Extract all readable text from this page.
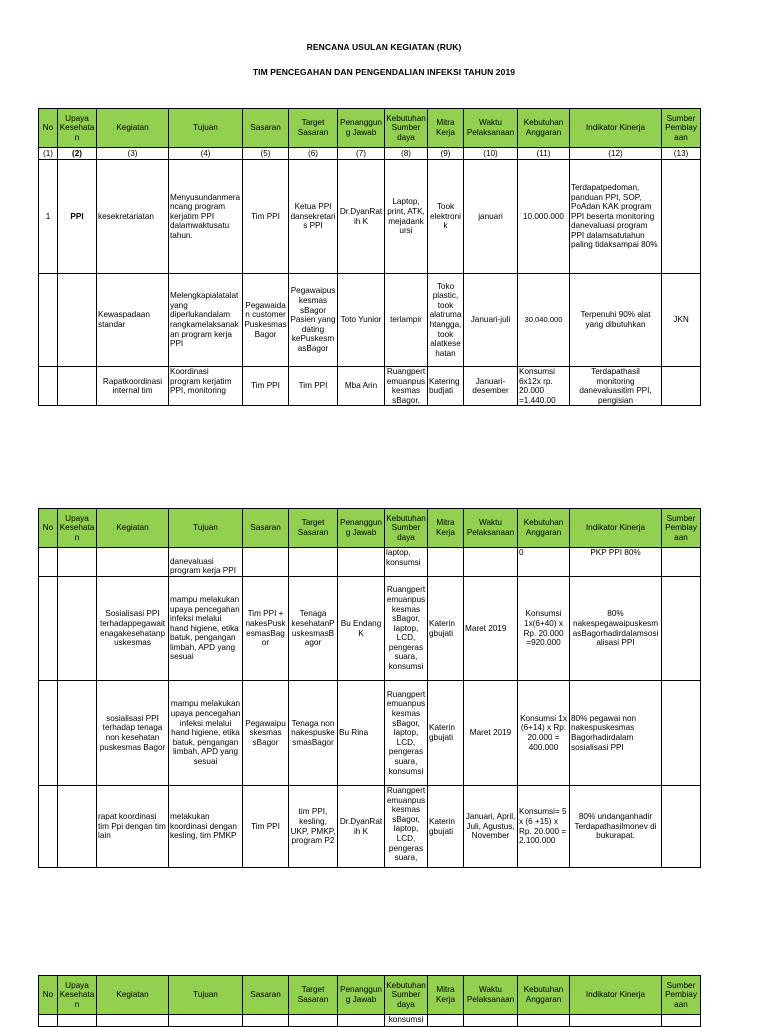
RENCANA USULAN KEGIATAN (RUK)
TIM PENCEGAHAN DAN PENGENDALIAN INFEKSI TAHUN 2019
No	Upaya Kesehatan	Kegiatan	Tujuan	Sasaran	Target Sasaran	Penanggung Jawab	Kebutuhan Sumber daya	Mitra Kerja	Waktu Pelaksanaan	Kebutuhan Anggaran	Indikator Kinerja	Sumber Pembiayaan
(1)	(2)	(3)	(4)	(5)	(6)	(7)	(8)	(9)	(10)	(11)	(12)	(13)
1	PPI	kesekretariatan	Menyusundanmerancang program kerjatim PPI dalamwaktusatu tahun.	Tim PPI	Ketua PPI dansekretaris PPI	Dr.DyanRatih K	Laptop, print, ATK, mejadankursi	Took elektronik	januari	10.000.000	Terdapatpedoman, panduan PPI, SOP, PoAdan KAK program PPI beserta monitoring danevaluasi program PPI dalamsatutahun paling tidaksampai 80%	
		Kewaspadaan standar	Melengkapialatalat yang diperlukandalam rangkamelaksanakan program kerja PPI	Pegawaidan customer PuskesmasBagor	Pegawaipuskesmas sBagor Pasien yang dating kePuskesmasBagor	Toto Yunior	terlampir	Toko plastic, took alatrumahtangga, took alatkesehatan	Januari-juli	30.040.000	Terpenuhi 90% alat yang dibutuhkan	JKN
		Rapatkoordinasi internal tim	Koordinasi program kerjatim PPI, monitoring	Tim PPI	Tim PPI	Mba Arin	Ruangpertemuanpuskesmas sBagor,	Katering budjati	Januari-desember	Konsumsi 6x12x rp. 20.000 =1.440.00	Terdapathasil monitoring danevaluasitim PPI, pengisian	
No	Upaya Kesehatan	Kegiatan	Tujuan	Sasaran	Target Sasaran	Penanggung Jawab	Kebutuhan Sumber daya	Mitra Kerja	Waktu Pelaksanaan	Kebutuhan Anggaran	Indikator Kinerja	Sumber Pembiayaan
			danevaluasi program kerja PPI				laptop, konsumsi			0	PKP PPI 80%	
		Sosialisasi PPI terhadappegawaitenagakesehatanpuskesmas	mampu melakukan upaya pencegahan infeksi melalui hand higiene, etika batuk, pengangan limbah, APD yang sesuai	Tim PPI + nakesPuskesmasBagor	Tenaga kesehatanPuskesmasBagor	Bu Endang K	Ruangpertemuanpuskesmas sBagor, laptop, LCD, pengeras suara, konsumsi	Katerin gbujati	Maret 2019	Konsumsi 1x(6+40) x Rp. 20.000 =920.000	80% nakespegawaipuskesmasBagorhadirdalamsosialisasi PPI	
		sosialisasi PPI terhadap tenaga non kesehatan puskesmas Bagor	mampu melakukan upaya pencegahan infeksi melalui hand higiene, etika batuk, pengangan limbah, APD yang sesuai	Pegawaipuskesmas sBagor	Tenaga non nakespuskesmasBagor	Bu Rina	Ruangpertemuanpuskesmas sBagor, laptop, LCD, pengeras suara, konsumsi	Katerin gbujati	Maret 2019	Konsumsi 1x (6+14) x Rp. 20.000 = 400.000	80% pegawai non nakespuskesmas Bagorhadirdalam sosialisasi PPI	
		rapat koordinasi tim Ppi dengan tim lain	melakukan koordinasi dengan kesling, tim PMKP	Tim PPI	tim PPI, kesling, UKP, PMKP, program P2	Dr.DyanRatih K	Ruangpertemuanpuskesmas sBagor, laptop, LCD, pengeras suara,	Katerin gbujati	Januari, April, Juli, Agustus, November	Konsumsi= 5 x (6 +15) x Rp. 20.000 = 2.100.000	80% undanganhadir Terdapathasilmonev di bukurapat.	
No	Upaya Kesehatan	Kegiatan	Tujuan	Sasaran	Target Sasaran	Penanggung Jawab	Kebutuhan Sumber daya	Mitra Kerja	Waktu Pelaksanaan	Kebutuhan Anggaran	Indikator Kinerja	Sumber Pembiayaan
							konsumsi					
